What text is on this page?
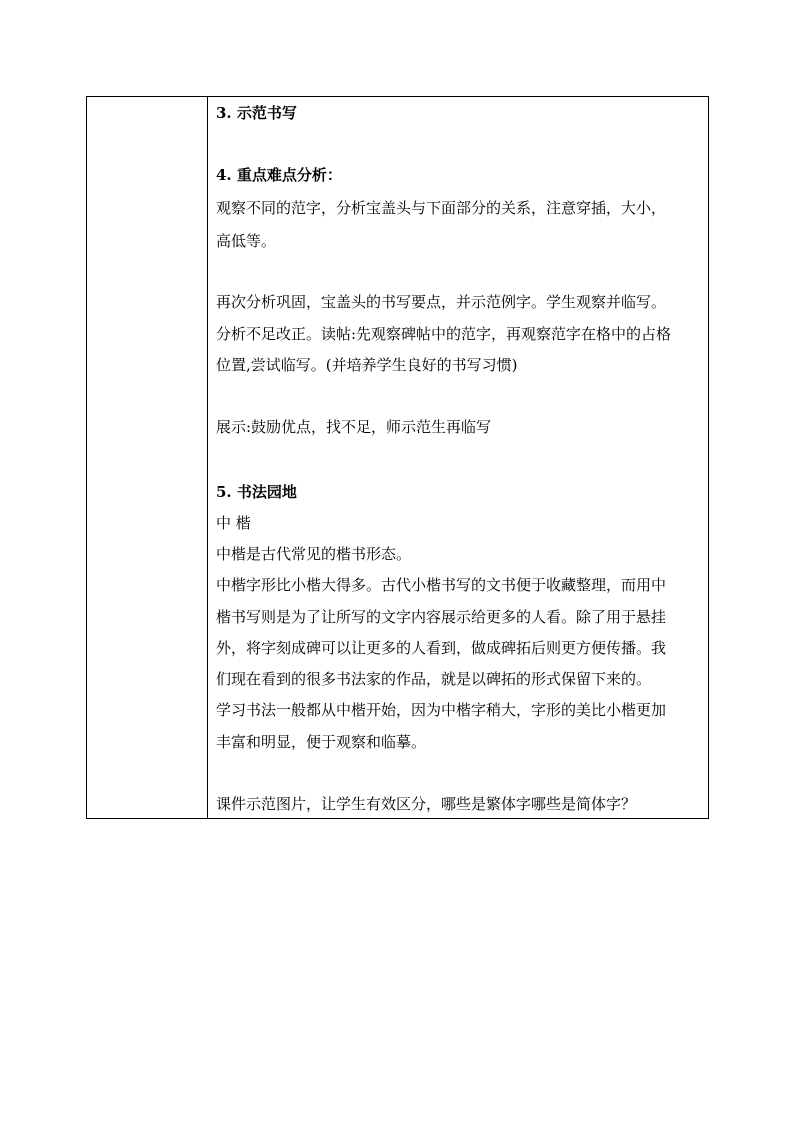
3. 示范书写
4. 重点难点分析：
观察不同的范字，分析宝盖头与下面部分的关系，注意穿插，大小，
高低等。
再次分析巩固，宝盖头的书写要点，并示范例字。学生观察并临写。
分析不足改正。读帖:先观察碑帖中的范字，再观察范字在格中的占格
位置,尝试临写。(并培养学生良好的书写习惯)
展示:鼓励优点，找不足，师示范生再临写
5. 书法园地
中 楷
中楷是古代常见的楷书形态。
中楷字形比小楷大得多。古代小楷书写的文书便于收藏整理，而用中
楷书写则是为了让所写的文字内容展示给更多的人看。除了用于悬挂
外，将字刻成碑可以让更多的人看到，做成碑拓后则更方便传播。我
们现在看到的很多书法家的作品，就是以碑拓的形式保留下来的。
学习书法一般都从中楷开始，因为中楷字稍大，字形的美比小楷更加
丰富和明显，便于观察和临摹。
课件示范图片，让学生有效区分，哪些是繁体字哪些是简体字？
